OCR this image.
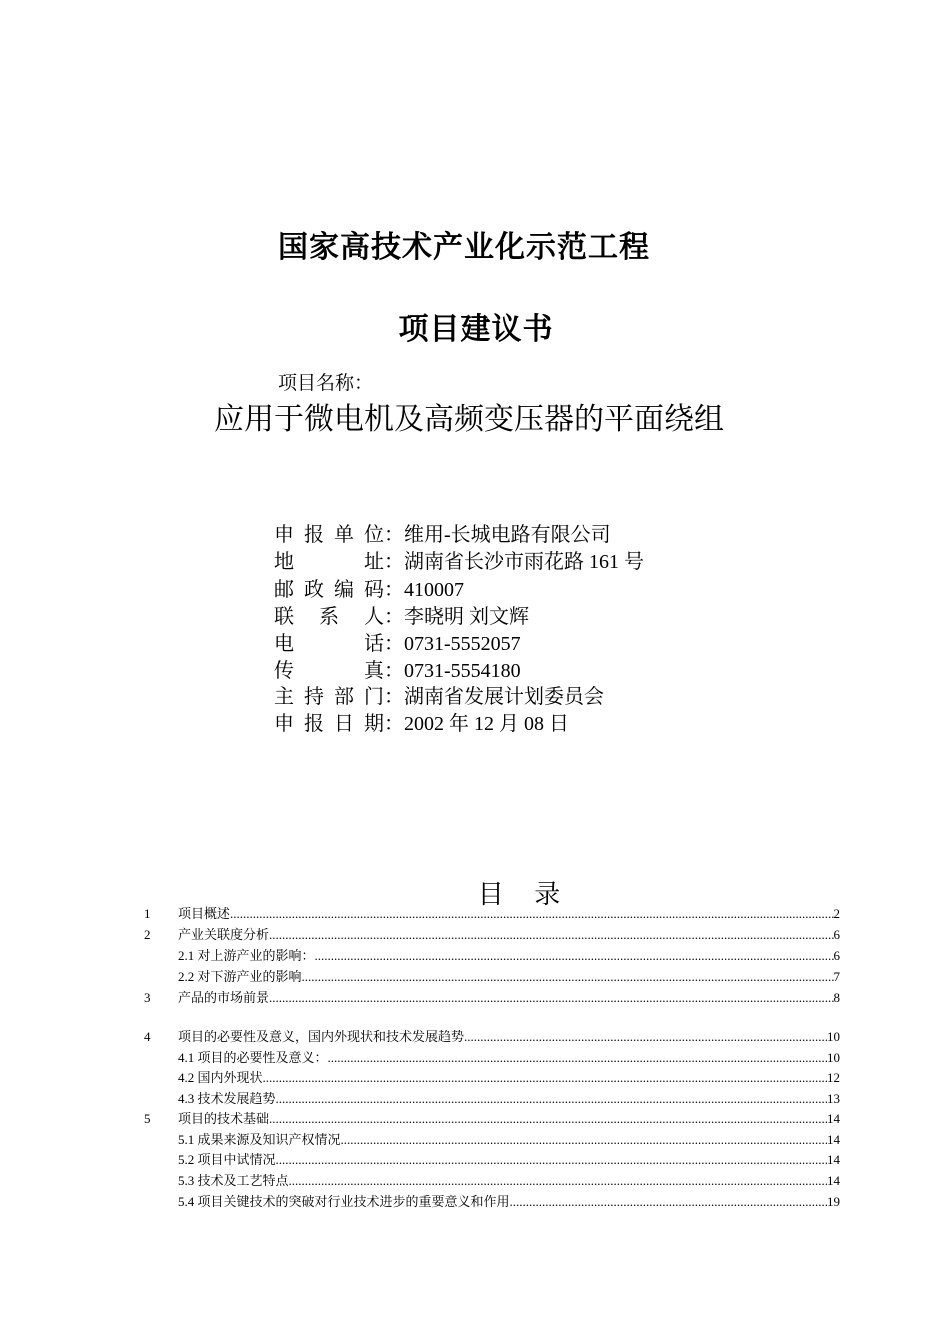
国家高技术产业化示范工程
项目建议书
项目名称：
应用于微电机及高频变压器的平面绕组
申报单位：维用-长城电路有限公司
地址：湖南省长沙市雨花路 161 号
邮政编码：410007
联系人：李晓明 刘文辉
电话：0731-5552057
传真：0731-5554180
主持部门：湖南省发展计划委员会
申报日期：2002 年 12 月 08 日
目 录
1 项目概述 .....	2
2 产业关联度分析 .....	6
2.1 对上游产业的影响： .....	6
2.2 对下游产业的影响 .....	7
3 产品的市场前景 .....	8
4 项目的必要性及意义，国内外现状和技术发展趋势 .....	10
4.1 项目的必要性及意义： .....	10
4.2 国内外现状 .....	12
4.3 技术发展趋势 .....	13
5 项目的技术基础 .....	14
5.1 成果来源及知识产权情况 .....	14
5.2 项目中试情况 .....	14
5.3 技术及工艺特点 .....	14
5.4 项目关键技术的突破对行业技术进步的重要意义和作用 .....	19
